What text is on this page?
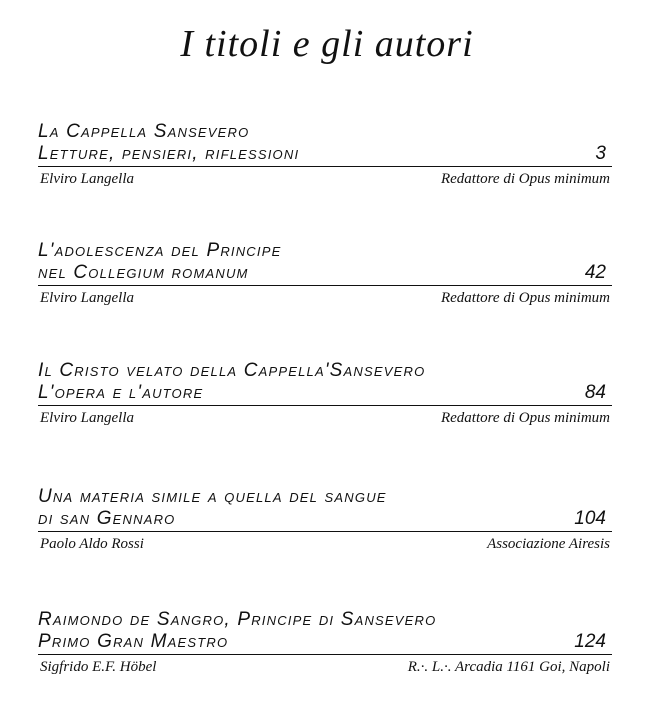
I titoli e gli autori
La Cappella Sansevero
Letture, pensieri, riflessioni	3
Elviro Langella	Redattore di Opus minimum
L'adolescenza del Principe
nel Collegium romanum	42
Elviro Langella	Redattore di Opus minimum
Il Cristo velato della Cappella'Sansevero
L'opera e l'autore	84
Elviro Langella	Redattore di Opus minimum
Una materia simile a quella del sangue
di san Gennaro	104
Paolo Aldo Rossi	Associazione Airesis
Raimondo de Sangro, Principe di Sansevero
Primo Gran Maestro	124
Sigfrido E.F. Höbel	R.·. L.·. Arcadia 1161 Goi, Napoli
